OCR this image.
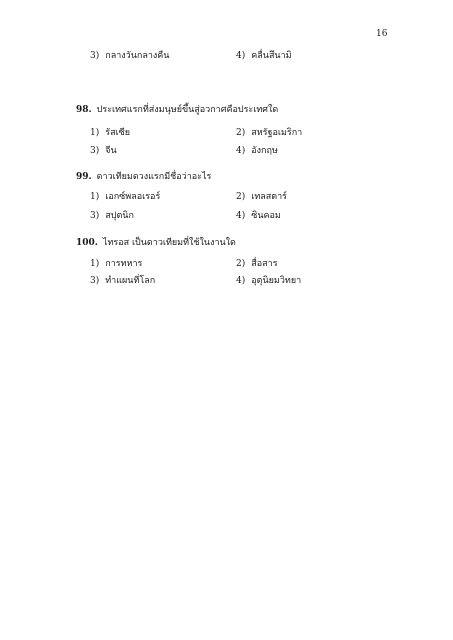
16
3) กลางวันกลางคืน	4) คลื่นสึนามิ
98. ประเทศแรกที่ส่งมนุษย์ขึ้นสู่อวกาศคือประเทศใด
1) รัสเซีย	2) สหรัฐอเมริกา
3) จีน	4) อังกฤษ
99. ดาวเทียมดวงแรกมีชื่อว่าอะไร
1) เอกซ์พลอเรอร์	2) เทลสตาร์
3) สปุตนิก	4) ซินคอม
100. ไทรอส เป็นดาวเทียมที่ใช้ในงานใด
1) การทหาร	2) สื่อสาร
3) ทำแผนที่โลก	4) อุตุนิยมวิทยา
